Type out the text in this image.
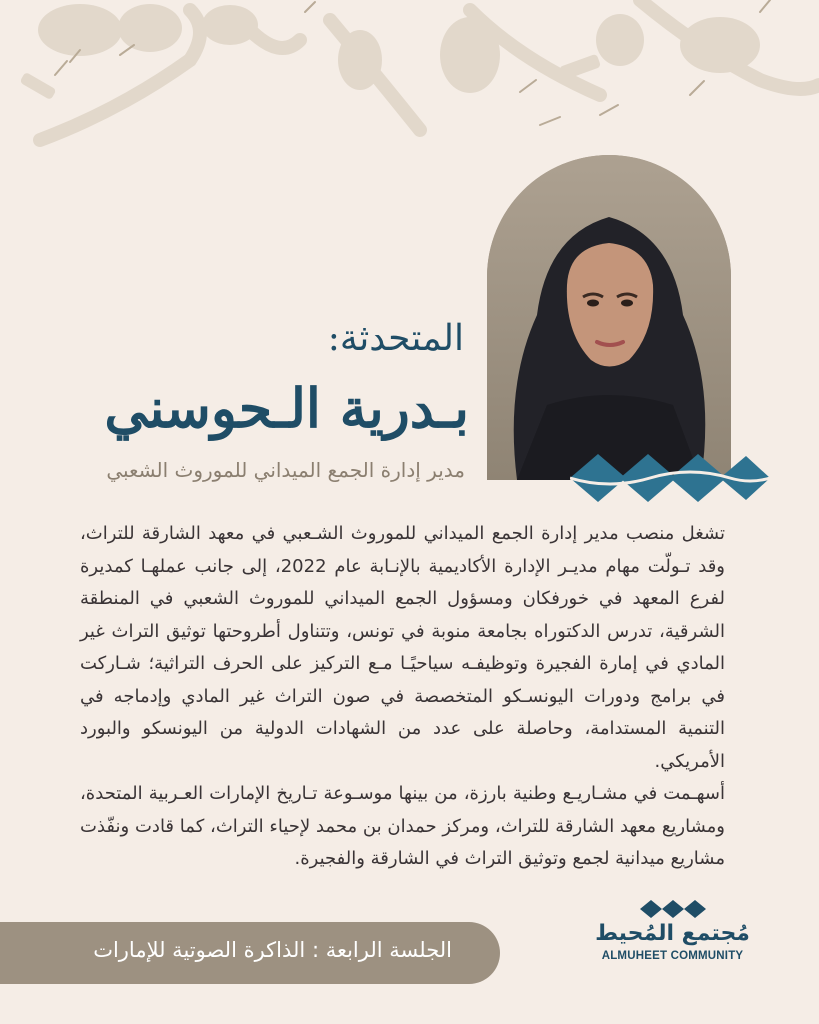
المتحدثة:
بـدرية الـحوسني
مدير إدارة الجمع الميداني للموروث الشعبي

تشغل منصب مدير إدارة الجمع الميداني للموروث الشـعبي في معهد الشارقة للتراث، وقد تـولّت مهام مديـر الإدارة الأكاديمية بالإنـابة عام 2022، إلى جانب عملهـا كمديرة لفرع المعهد في خورفكان ومسؤول الجمع الميداني للموروث الشعبي في المنطقة الشرقية، تدرس الدكتوراه بجامعة منوبة في تونس، وتتناول أطروحتها توثيق التراث غير المادي في إمارة الفجيرة وتوظيفـه سياحيًـا مـع التركيز على الحرف التراثية؛ شـاركت في برامج ودورات اليونسـكو المتخصصة في صون التراث غير المادي وإدماجه في التنمية المستدامة، وحاصلة على عدد من الشهادات الدولية من اليونسكو والبورد الأمريكي.

أسهـمت في مشـاريـع وطنية بارزة، من بينها موسـوعة تـاريخ الإمارات العـربية المتحدة، ومشاريع معهد الشارقة للتراث، ومركز حمدان بن محمد لإحياء التراث، كما قادت ونفّذت مشاريع ميدانية لجمع وتوثيق التراث في الشارقة والفجيرة.

الجلسة الرابعة : الذاكرة الصوتية للإمارات
مُجتمع المُحيط
ALMUHEET COMMUNITY
